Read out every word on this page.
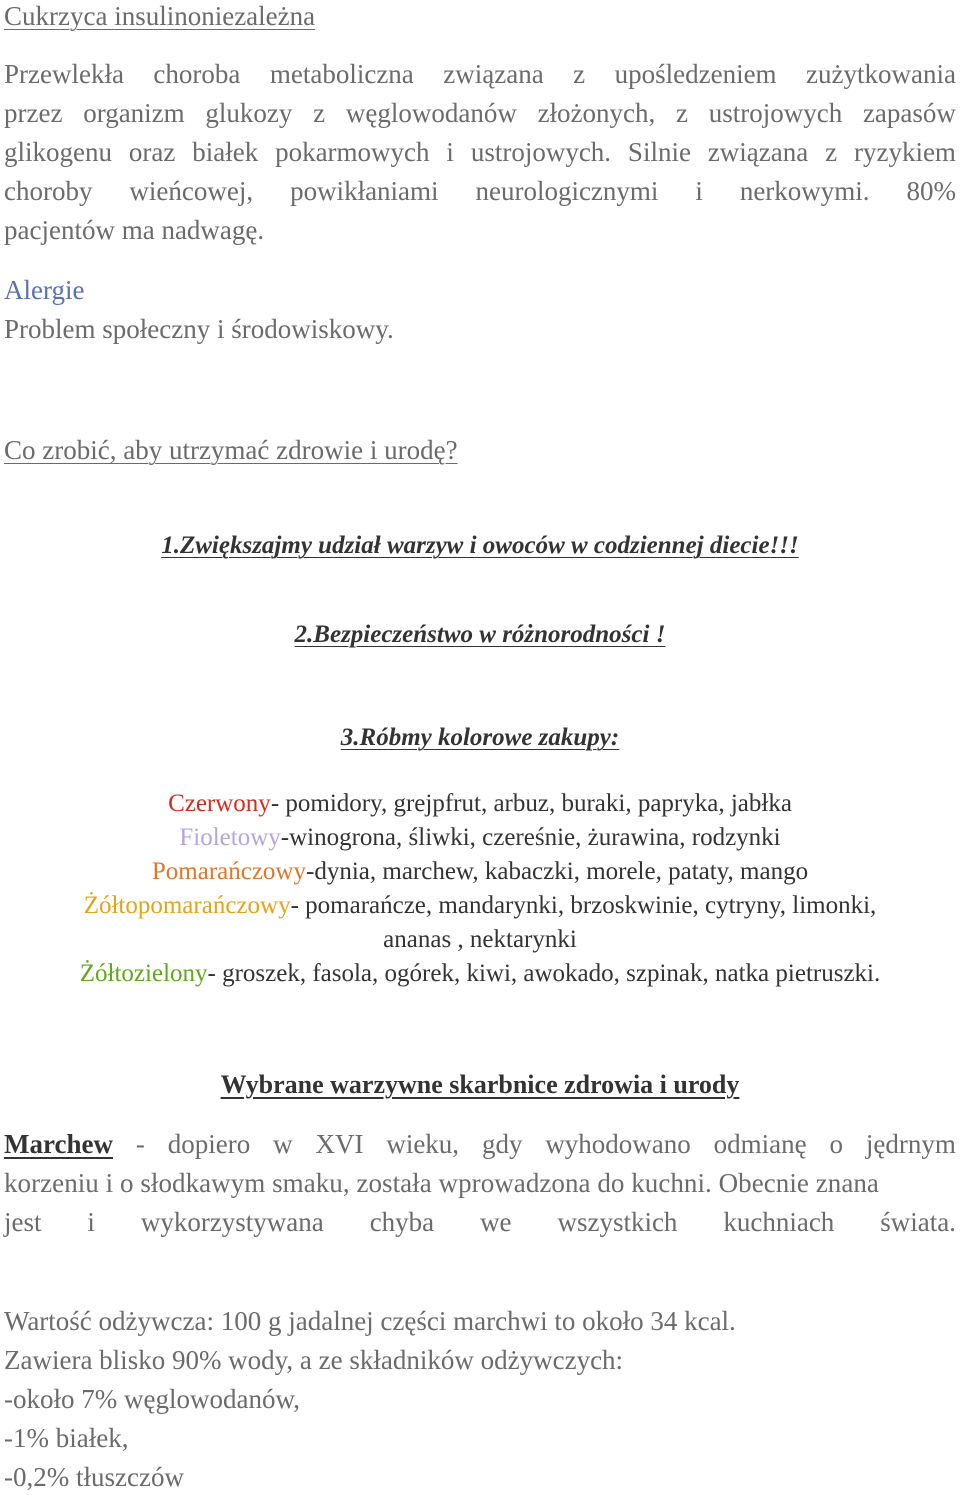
Cukrzyca insulinoniezależna
Przewlekła choroba metaboliczna związana z upośledzeniem zużytkowania
przez organizm glukozy z węglowodanów złożonych, z ustrojowych zapasów
glikogenu oraz białek pokarmowych i ustrojowych. Silnie związana z ryzykiem
choroby wieńcowej, powikłaniami neurologicznymi i nerkowymi. 80%
pacjentów ma nadwagę.
Alergie
Problem społeczny i środowiskowy.
Co zrobić, aby utrzymać zdrowie i urodę?
1.Zwiększajmy udział warzyw i owoców w codziennej diecie!!!
2.Bezpieczeństwo w różnorodności !
3.Róbmy kolorowe zakupy:
Czerwony- pomidory, grejpfrut, arbuz, buraki, papryka, jabłka
Fioletowy-winogrona, śliwki, czereśnie, żurawina, rodzynki
Pomarańczowy-dynia, marchew, kabaczki, morele, pataty, mango
Żółtopomarańczowy- pomarańcze, mandarynki, brzoskwinie, cytryny, limonki,
ananas , nektarynki
Żółtozielony- groszek, fasola, ogórek, kiwi, awokado, szpinak, natka pietruszki.
Wybrane warzywne skarbnice zdrowia i urody
Marchew - dopiero w XVI wieku, gdy wyhodowano odmianę o jędrnym
korzeniu i o słodkawym smaku, została wprowadzona do kuchni. Obecnie znana
jest i wykorzystywana chyba we wszystkich kuchniach świata.
Wartość odżywcza: 100 g jadalnej części marchwi to około 34 kcal.
Zawiera blisko 90% wody, a ze składników odżywczych:
-około 7% węglowodanów,
-1% białek,
-0,2% tłuszczów
